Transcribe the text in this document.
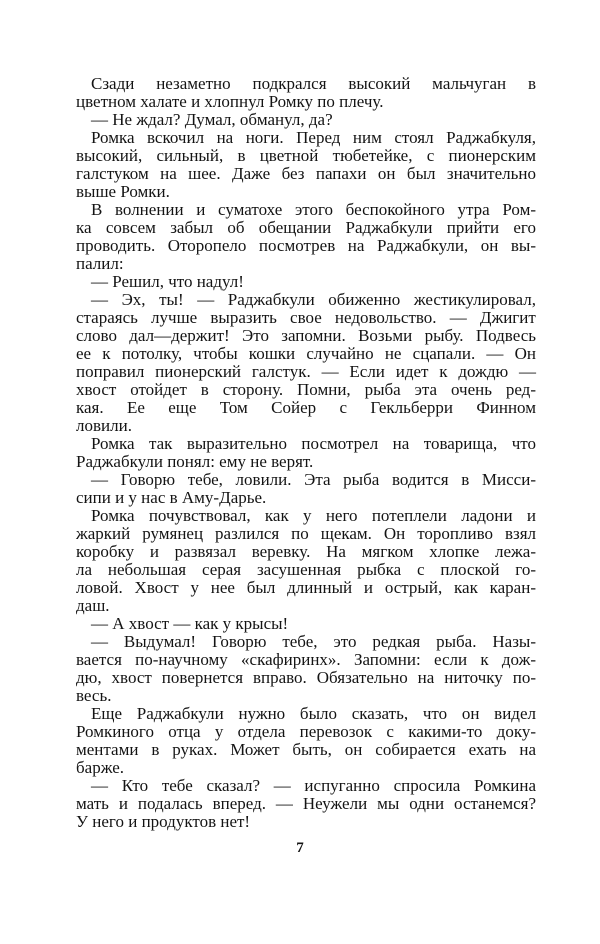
Сзади незаметно подкрался высокий мальчуган в
цветном халате и хлопнул Ромку по плечу.
— Не ждал? Думал, обманул, да?
Ромка вскочил на ноги. Перед ним стоял Раджабкуля,
высокий, сильный, в цветной тюбетейке, с пионерским
галстуком на шее. Даже без папахи он был значительно
выше Ромки.
В волнении и суматохе этого беспокойного утра Ром-
ка совсем забыл об обещании Раджабкули прийти его
проводить. Оторопело посмотрев на Раджабкули, он вы-
палил:
— Решил, что надул!
— Эх, ты! — Раджабкули обиженно жестикулировал,
стараясь лучше выразить свое недовольство. — Джигит
слово дал—держит! Это запомни. Возьми рыбу. Подвесь
ее к потолку, чтобы кошки случайно не сцапали. — Он
поправил пионерский галстук. — Если идет к дождю —
хвост отойдет в сторону. Помни, рыба эта очень ред-
кая. Ее еще Том Сойер с Гекльберри Финном
ловили.
Ромка так выразительно посмотрел на товарища, что
Раджабкули понял: ему не верят.
— Говорю тебе, ловили. Эта рыба водится в Мисси-
сипи и у нас в Аму-Дарье.
Ромка почувствовал, как у него потеплели ладони и
жаркий румянец разлился по щекам. Он торопливо взял
коробку и развязал веревку. На мягком хлопке лежа-
ла небольшая серая засушенная рыбка с плоской го-
ловой. Хвост у нее был длинный и острый, как каран-
даш.
— А хвост — как у крысы!
— Выдумал! Говорю тебе, это редкая рыба. Назы-
вается по-научному «скафиринх». Запомни: если к дож-
дю, хвост повернется вправо. Обязательно на ниточку по-
весь.
Еще Раджабкули нужно было сказать, что он видел
Ромкиного отца у отдела перевозок с какими-то доку-
ментами в руках. Может быть, он собирается ехать на
барже.
— Кто тебе сказал? — испуганно спросила Ромкина
мать и подалась вперед. — Неужели мы одни останемся?
У него и продуктов нет!
7
